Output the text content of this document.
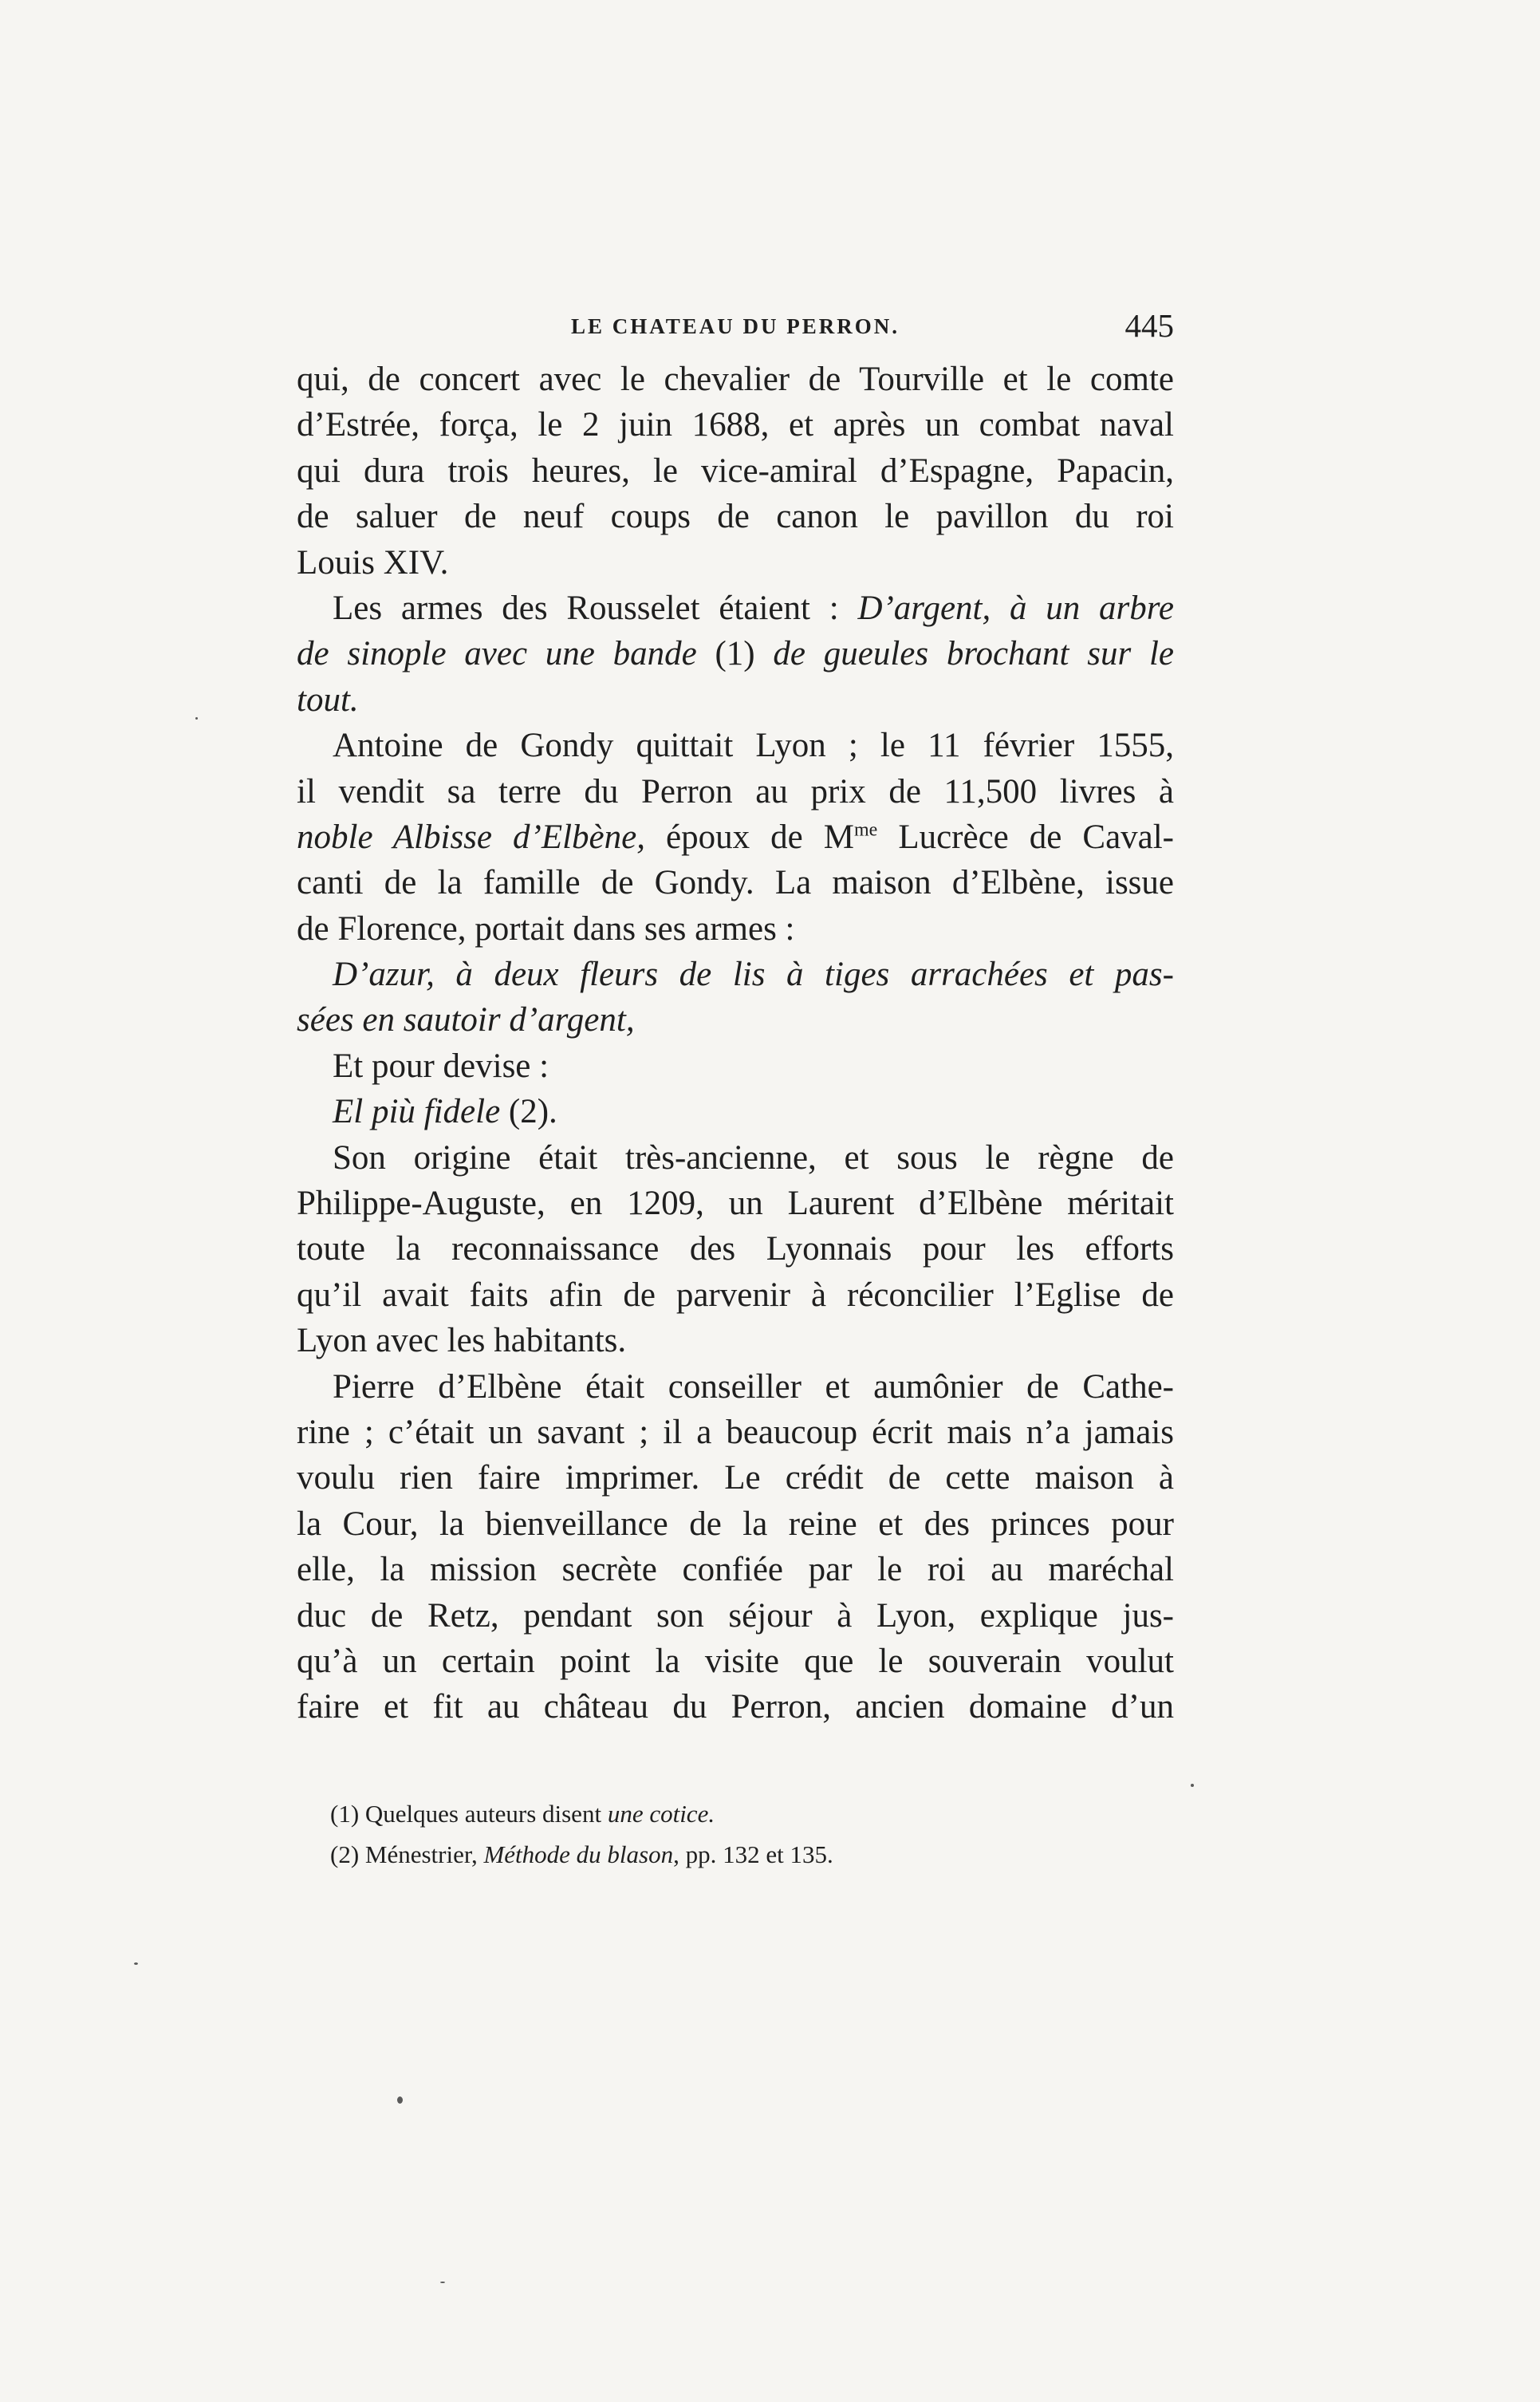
LE CHATEAU DU PERRON.	445
qui, de concert avec le chevalier de Tourville et le comte
d’Estrée, força, le 2 juin 1688, et après un combat naval
qui dura trois heures, le vice-amiral d’Espagne, Papacin,
de saluer de neuf coups de canon le pavillon du roi
Louis XIV.
Les armes des Rousselet étaient : D’argent, à un arbre
de sinople avec une bande (1) de gueules brochant sur le
tout.
Antoine de Gondy quittait Lyon ; le 11 février 1555,
il vendit sa terre du Perron au prix de 11,500 livres à
noble Albisse d’Elbène, époux de $M^{me}$ Lucrèce de Caval-
canti de la famille de Gondy. La maison d’Elbène, issue
de Florence, portait dans ses armes :
D’azur, à deux fleurs de lis à tiges arrachées et pas-
sées en sautoir d’argent,
Et pour devise :
El più fidele (2).
Son origine était très-ancienne, et sous le règne de
Philippe-Auguste, en 1209, un Laurent d’Elbène méritait
toute la reconnaissance des Lyonnais pour les efforts
qu’il avait faits afin de parvenir à réconcilier l’Eglise de
Lyon avec les habitants.
Pierre d’Elbène était conseiller et aumônier de Cathe-
rine ; c’était un savant ; il a beaucoup écrit mais n’a jamais
voulu rien faire imprimer. Le crédit de cette maison à
la Cour, la bienveillance de la reine et des princes pour
elle, la mission secrète confiée par le roi au maréchal
duc de Retz, pendant son séjour à Lyon, explique jus-
qu’à un certain point la visite que le souverain voulut
faire et fit au château du Perron, ancien domaine d’un
(1) Quelques auteurs disent une cotice.
(2) Ménestrier, Méthode du blason, pp. 132 et 135.
